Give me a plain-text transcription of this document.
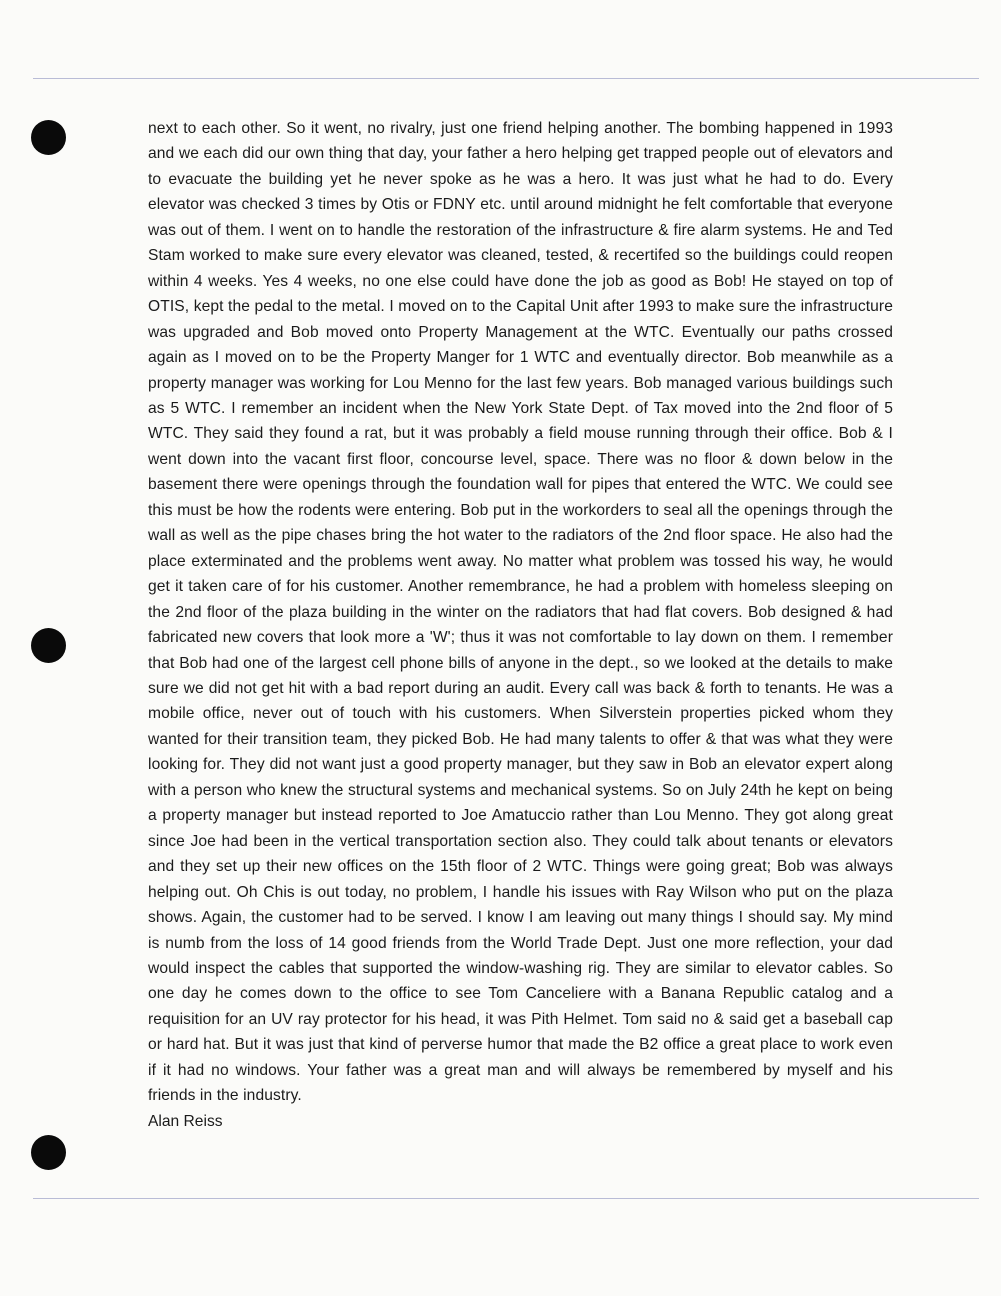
next to each other. So it went, no rivalry, just one friend helping another. The bombing happened in 1993 and we each did our own thing that day, your father a hero helping get trapped people out of elevators and to evacuate the building yet he never spoke as he was a hero. It was just what he had to do. Every elevator was checked 3 times by Otis or FDNY etc. until around midnight he felt comfortable that everyone was out of them. I went on to handle the restoration of the infrastructure & fire alarm systems. He and Ted Stam worked to make sure every elevator was cleaned, tested, & recertifed so the buildings could reopen within 4 weeks. Yes 4 weeks, no one else could have done the job as good as Bob! He stayed on top of OTIS, kept the pedal to the metal. I moved on to the Capital Unit after 1993 to make sure the infrastructure was upgraded and Bob moved onto Property Management at the WTC. Eventually our paths crossed again as I moved on to be the Property Manger for 1 WTC and eventually director. Bob meanwhile as a property manager was working for Lou Menno for the last few years. Bob managed various buildings such as 5 WTC. I remember an incident when the New York State Dept. of Tax moved into the 2nd floor of 5 WTC. They said they found a rat, but it was probably a field mouse running through their office. Bob & I went down into the vacant first floor, concourse level, space. There was no floor & down below in the basement there were openings through the foundation wall for pipes that entered the WTC. We could see this must be how the rodents were entering. Bob put in the workorders to seal all the openings through the wall as well as the pipe chases bring the hot water to the radiators of the 2nd floor space. He also had the place exterminated and the problems went away. No matter what problem was tossed his way, he would get it taken care of for his customer. Another remembrance, he had a problem with homeless sleeping on the 2nd floor of the plaza building in the winter on the radiators that had flat covers. Bob designed & had fabricated new covers that look more a 'W'; thus it was not comfortable to lay down on them. I remember that Bob had one of the largest cell phone bills of anyone in the dept., so we looked at the details to make sure we did not get hit with a bad report during an audit. Every call was back & forth to tenants. He was a mobile office, never out of touch with his customers. When Silverstein properties picked whom they wanted for their transition team, they picked Bob. He had many talents to offer & that was what they were looking for. They did not want just a good property manager, but they saw in Bob an elevator expert along with a person who knew the structural systems and mechanical systems. So on July 24th he kept on being a property manager but instead reported to Joe Amatuccio rather than Lou Menno. They got along great since Joe had been in the vertical transportation section also. They could talk about tenants or elevators and they set up their new offices on the 15th floor of 2 WTC. Things were going great; Bob was always helping out. Oh Chis is out today, no problem, I handle his issues with Ray Wilson who put on the plaza shows. Again, the customer had to be served. I know I am leaving out many things I should say. My mind is numb from the loss of 14 good friends from the World Trade Dept. Just one more reflection, your dad would inspect the cables that supported the window-washing rig. They are similar to elevator cables. So one day he comes down to the office to see Tom Canceliere with a Banana Republic catalog and a requisition for an UV ray protector for his head, it was Pith Helmet. Tom said no & said get a baseball cap or hard hat. But it was just that kind of perverse humor that made the B2 office a great place to work even if it had no windows. Your father was a great man and will always be remembered by myself and his friends in the industry.

Alan Reiss
